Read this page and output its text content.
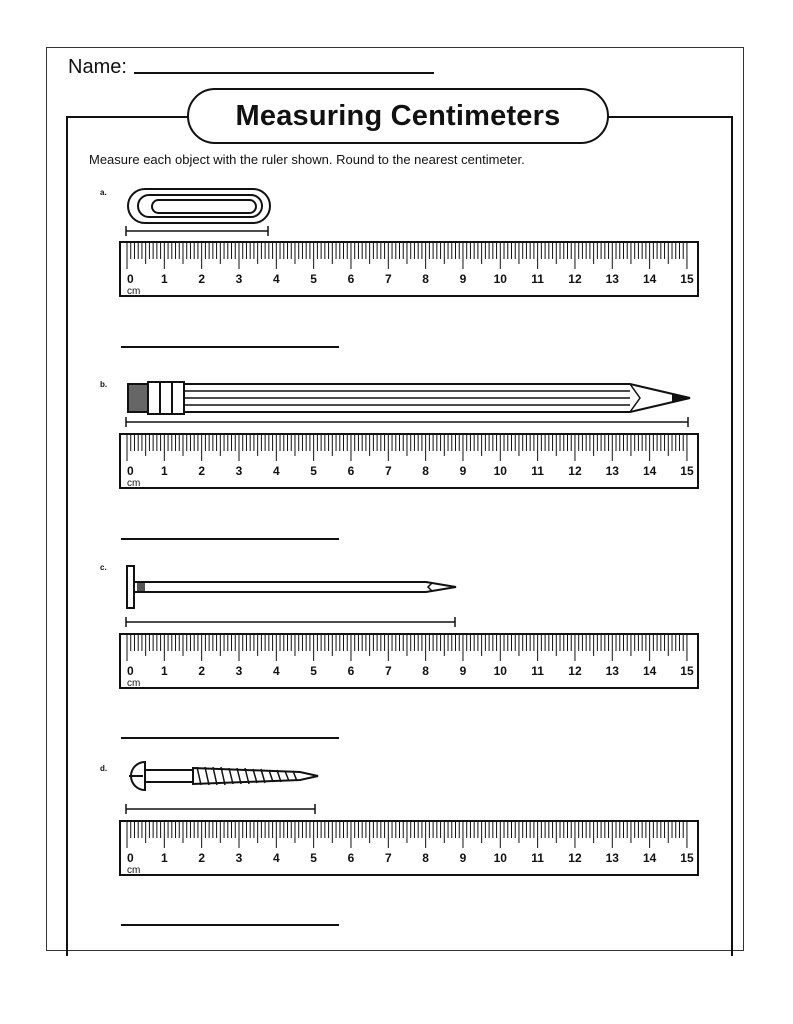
Name:
Measuring Centimeters
Measure each object with the ruler shown. Round to the nearest centimeter.
a.
0 1	2	3	4	5	6	7	8	9 10 11 12 13 14 15
cm
b.
0 1	2	3	4	5	6	7	8	9 10 11 12 13 14 15
cm
c.
0 1	2	3	4	5	6	7	8	9 10 11 12 13 14 15
cm
d.
0 1	2	3	4	5	6	7	8	9 10 11 12 13 14 15
cm
